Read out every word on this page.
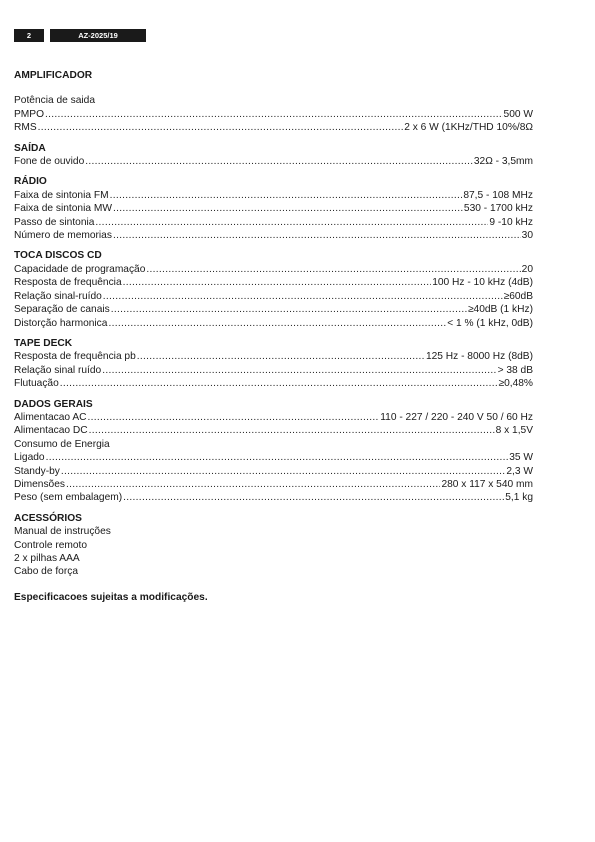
2	AZ-2025/19
AMPLIFICADOR
Potência de saida
PMPO .....	500 W
RMS .....	2 x 6 W (1KHz/THD 10%/8Ω
SAÍDA
Fone de ouvido .....	32Ω - 3,5mm
RÁDIO
Faixa de sintonia FM .....	87,5 - 108 MHz
Faixa de sintonia MW .....	530 - 1700 kHz
Passo de sintonia .....	9 -10 kHz
Número de memorias .....	30
TOCA DISCOS CD
Capacidade de programação .....	20
Resposta de frequência .....	100 Hz - 10 kHz (4dB)
Relação sinal-ruído .....	≥60dB
Separação de canais .....	≥40dB (1 kHz)
Distorção harmonica .....	< 1 % (1 kHz, 0dB)
TAPE DECK
Resposta de frequência pb .....	125 Hz - 8000 Hz (8dB)
Relação sinal ruído .....	> 38 dB
Flutuação .....	≥0,48%
DADOS GERAIS
Alimentacao AC .....	110 - 227 / 220 - 240 V 50 / 60 Hz
Alimentacao DC .....	8 x 1,5V
Consumo de Energia
Ligado .....	35 W
Standy-by .....	2,3 W
Dimensões .....	280 x 117 x 540 mm
Peso (sem embalagem) .....	5,1 kg
ACESSÓRIOS
Manual de instruções
Controle remoto
2 x pilhas AAA
Cabo de força
Especificacoes sujeitas a modificações.
